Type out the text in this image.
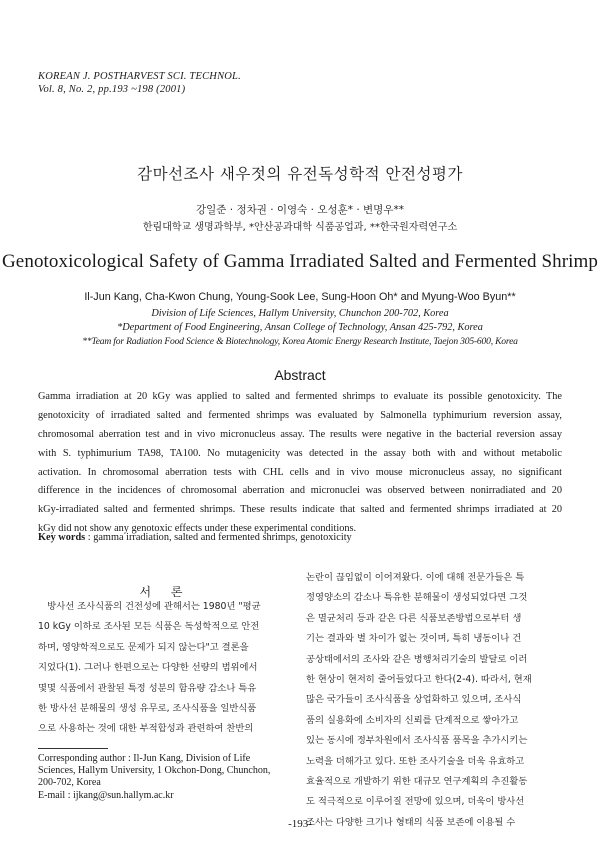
KOREAN J. POSTHARVEST SCI. TECHNOL.
Vol. 8, No. 2, pp.193 ~198 (2001)
감마선조사 새우젓의 유전독성학적 안전성평가
강일준 · 정차권 · 이영숙 · 오성훈* · 변명우**
한림대학교 생명과학부, *안산공과대학 식품공업과, **한국원자력연구소
Genotoxicological Safety of Gamma Irradiated Salted and Fermented Shrimp
Il-Jun Kang, Cha-Kwon Chung, Young-Sook Lee, Sung-Hoon Oh* and Myung-Woo Byun**
Division of Life Sciences, Hallym University, Chunchon 200-702, Korea
*Department of Food Engineering, Ansan College of Technology, Ansan 425-792, Korea
**Team for Radiation Food Science & Biotechnology, Korea Atomic Energy Research Institute, Taejon 305-600, Korea
Abstract
Gamma irradiation at 20 kGy was applied to salted and fermented shrimps to evaluate its possible genotoxicity. The
genotoxicity of irradiated salted and fermented shrimps was evaluated by Salmonella typhimurium reversion assay,
chromosomal aberration test and in vivo micronucleus assay. The results were negative in the bacterial reversion assay
with S. typhimurium TA98, TA100. No mutagenicity was detected in the assay both with and without metabolic
activation. In chromosomal aberration tests with CHL cells and in vivo mouse micronucleus assay, no significant
difference in the incidences of chromosomal aberration and micronuclei was observed between nonirradiated and 20
kGy-irradiated salted and fermented shrimps. These results indicate that salted and fermented shrimps irradiated at 20
kGy did not show any genotoxic effects under these experimental conditions.
Key words : gamma irradiation, salted and fermented shrimps, genotoxicity
서 론
　방사선 조사식품의 건전성에 관해서는 1980년 "평균
10 kGy 이하로 조사된 모든 식품은 독성학적으로 안전
하며, 영양학적으로도 문제가 되지 않는다"고 결론을
지었다(1). 그러나 한편으로는 다양한 선량의 범위에서
몇몇 식품에서 관찰된 특정 성분의 함유량 감소나 특유
한 방사선 분해물의 생성 유무로, 조사식품을 일반식품
으로 사용하는 것에 대한 부적합성과 관련하여 찬반의
논란이 끊임없이 이어져왔다. 이에 대해 전문가들은 특
정영양소의 감소나 특유한 분해물이 생성되었다면 그것
은 멸균처리 등과 같은 다른 식품보존방법으로부터 생
기는 결과와 별 차이가 없는 것이며, 특히 냉동이나 건
공상태에서의 조사와 같은 병행처리기술의 발달로 이러
한 현상이 현저히 줄어들었다고 한다(2-4). 따라서, 현재
많은 국가들이 조사식품을 상업화하고 있으며, 조사식
품의 실용화에 소비자의 신뢰를 단계적으로 쌓아가고
있는 동시에 정부차원에서 조사식품 품목을 추가시키는
노력을 더해가고 있다. 또한 조사기술을 더욱 유효하고
효율적으로 개발하기 위한 대규모 연구계획의 추진활동
도 적극적으로 이루어질 전망에 있으며, 더욱이 방사선
조사는 다양한 크기나 형태의 식품 보존에 이용될 수
Corresponding author : Il-Jun Kang, Division of Life
Sciences, Hallym University, 1 Okchon-Dong, Chunchon,
200-702, Korea
E-mail : ijkang@sun.hallym.ac.kr
-193-
